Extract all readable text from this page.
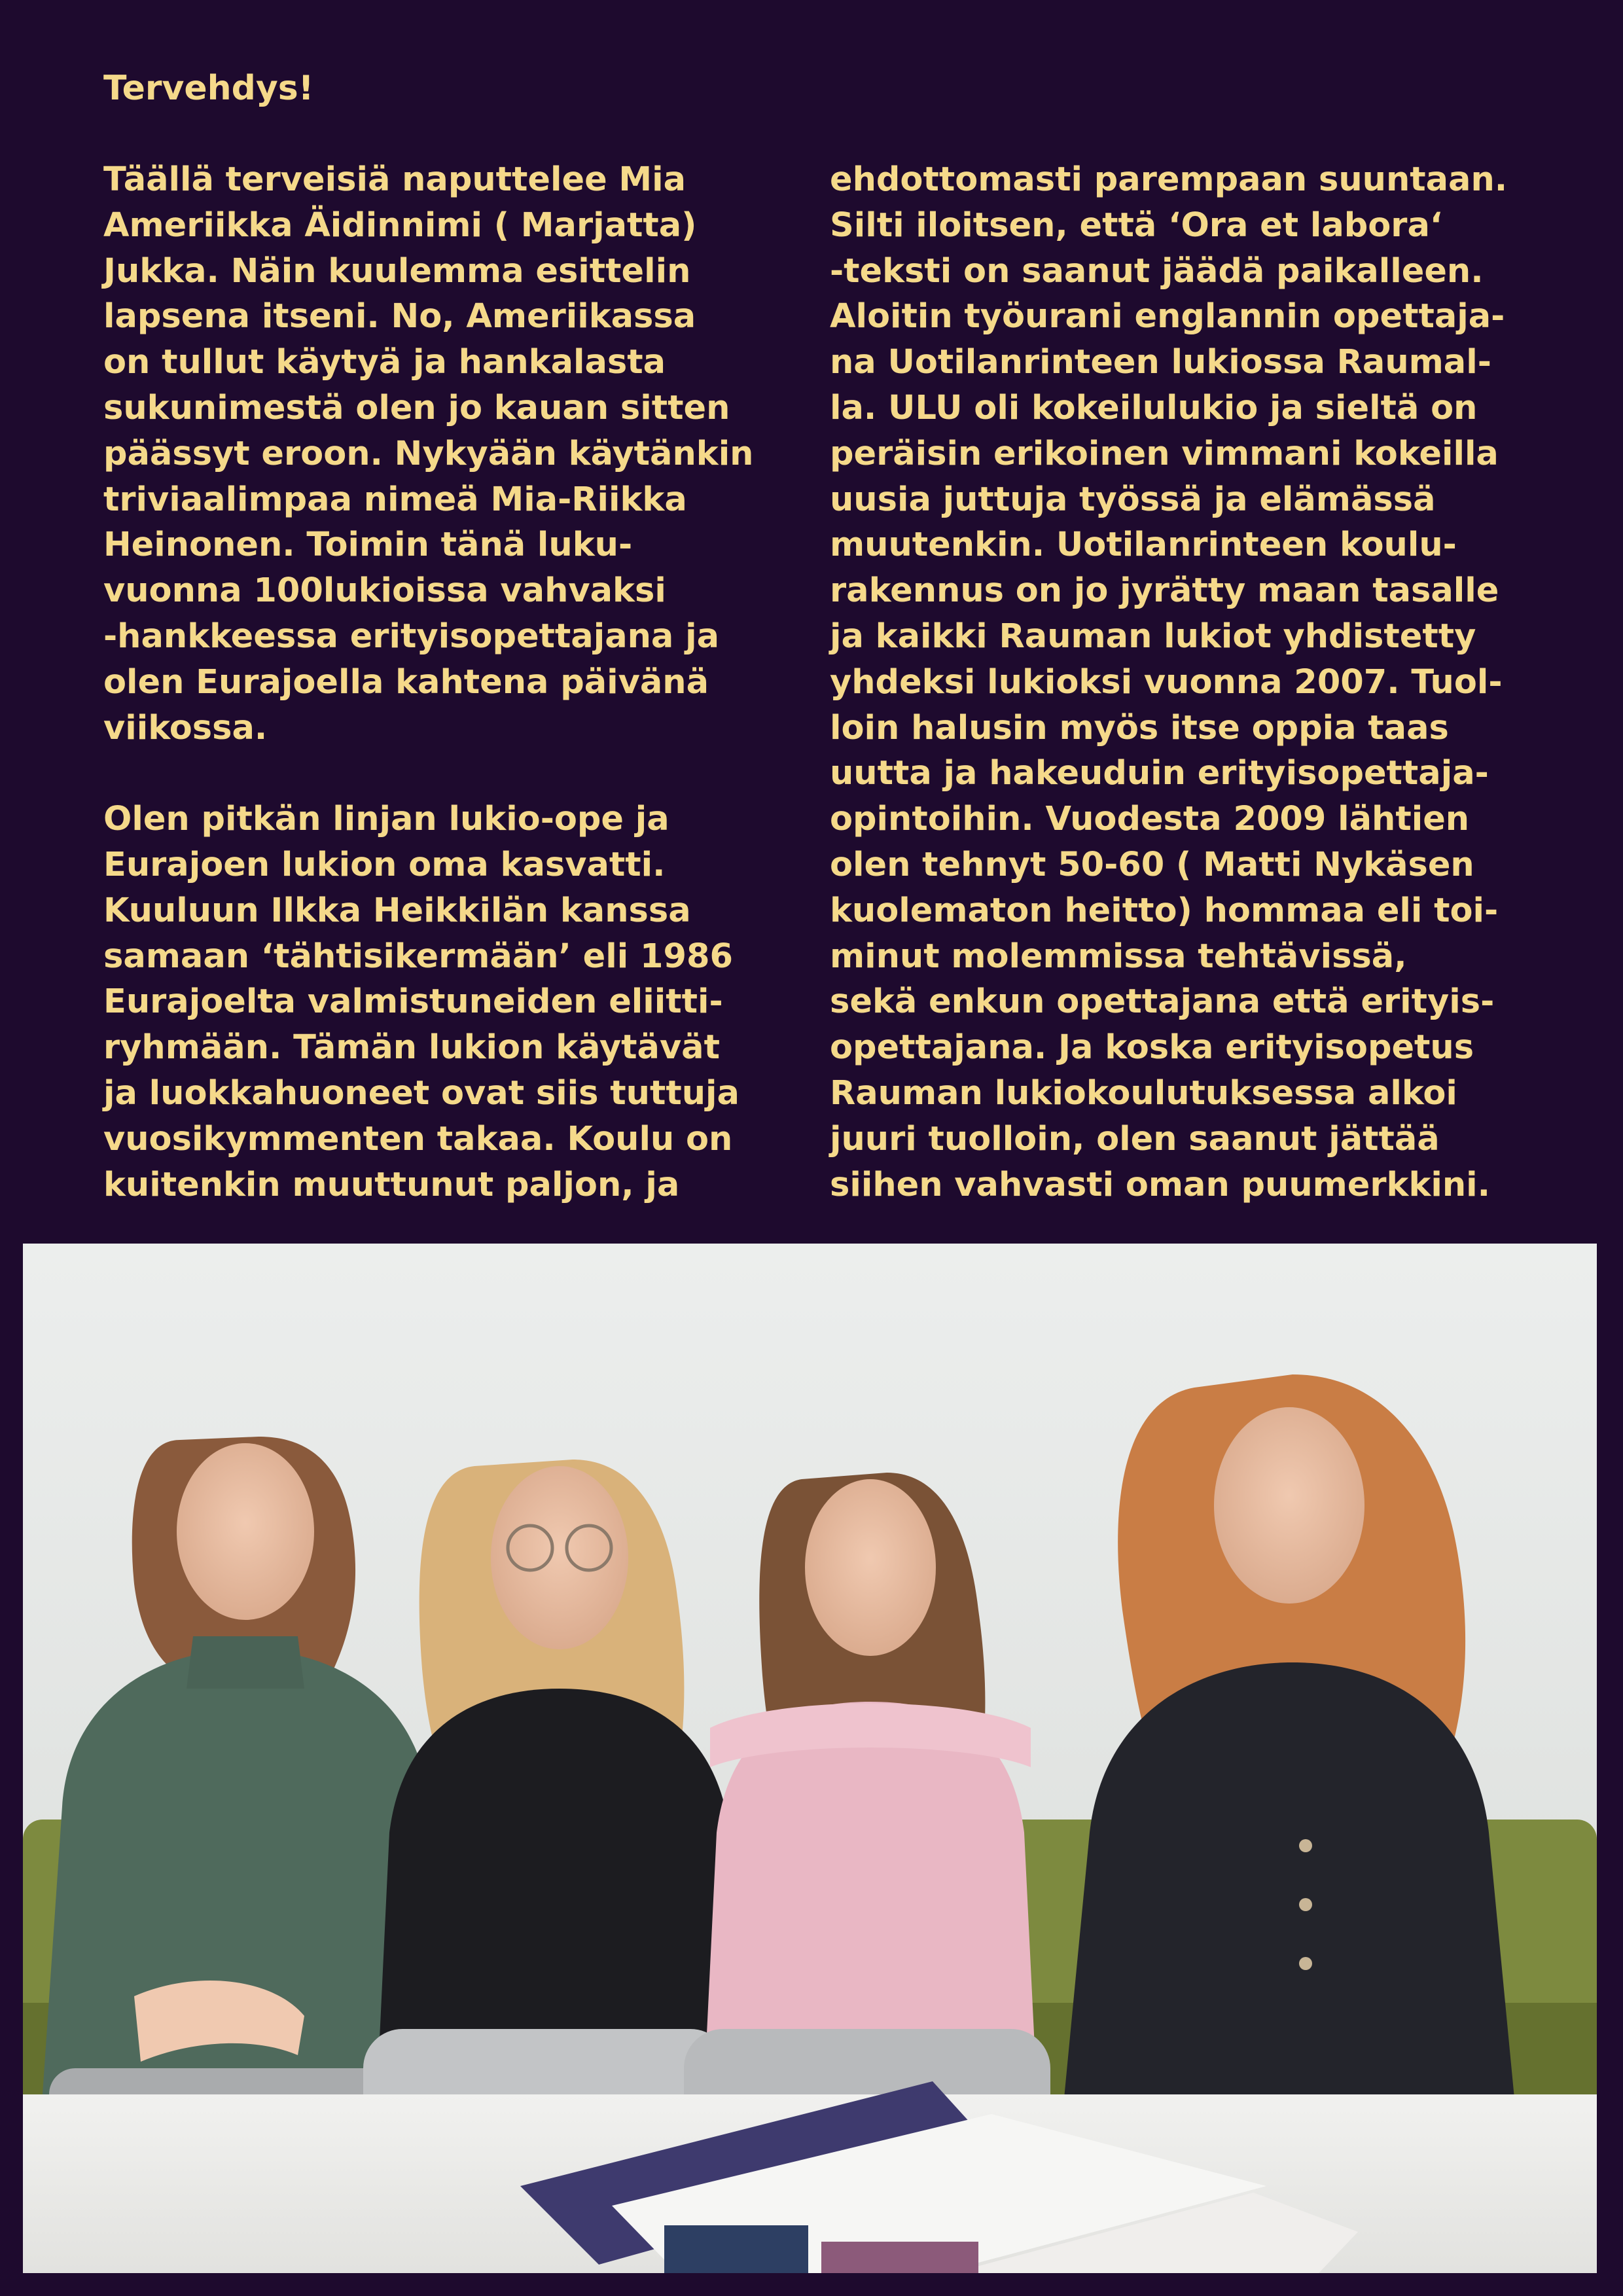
Tervehdys!

Täällä terveisiä naputtelee Mia
Ameriikka Äidinnimi ( Marjatta)
Jukka. Näin kuulemma esittelin
lapsena itseni. No, Ameriikassa
on tullut käytyä ja hankalasta
sukunimestä olen jo kauan sitten
päässyt eroon. Nykyään käytänkin
triviaalimpaa nimeä Mia-Riikka
Heinonen. Toimin tänä luku-
vuonna 100lukioissa vahvaksi
-hankkeessa erityisopettajana ja
olen Eurajoella kahtena päivänä
viikossa.
Olen pitkän linjan lukio-ope ja
Eurajoen lukion oma kasvatti.
Kuuluun Ilkka Heikkilän kanssa
samaan ‘tähtisikermään’ eli 1986
Eurajoelta valmistuneiden eliitti-
ryhmään. Tämän lukion käytävät
ja luokkahuoneet ovat siis tuttuja
vuosikymmenten takaa. Koulu on
kuitenkin muuttunut paljon, ja

ehdottomasti parempaan suuntaan.
Silti iloitsen, että ‘Ora et labora‘
-teksti on saanut jäädä paikalleen.
Aloitin työurani englannin opettaja-
na Uotilanrinteen lukiossa Raumal-
la. ULU oli kokeilulukio ja sieltä on
peräisin erikoinen vimmani kokeilla
uusia juttuja työssä ja elämässä
muutenkin. Uotilanrinteen koulu-
rakennus on jo jyrätty maan tasalle
ja kaikki Rauman lukiot yhdistetty
yhdeksi lukioksi vuonna 2007. Tuol-
loin halusin myös itse oppia taas
uutta ja hakeuduin erityisopettaja-
opintoihin. Vuodesta 2009 lähtien
olen tehnyt 50-60 ( Matti Nykäsen
kuolematon heitto) hommaa eli toi-
minut molemmissa tehtävissä,
sekä enkun opettajana että erityis-
opettajana. Ja koska erityisopetus
Rauman lukiokoulutuksessa alkoi
juuri tuolloin, olen saanut jättää
siihen vahvasti oman puumerkkini.
